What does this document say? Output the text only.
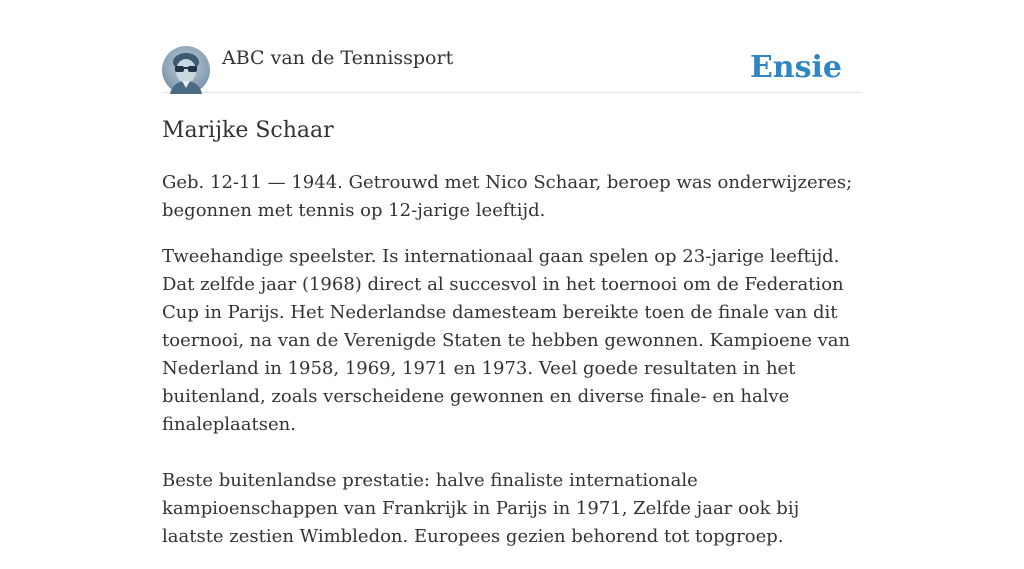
ABC van de Tennissport	Ensie
Marijke Schaar

Geb. 12-11 — 1944. Getrouwd met Nico Schaar, beroep was onderwijzeres; begonnen met tennis op 12-jarige leeftijd.

Tweehandige speelster. Is internationaal gaan spelen op 23-jarige leeftijd. Dat zelfde jaar (1968) direct al succesvol in het toernooi om de Federation Cup in Parijs. Het Nederlandse damesteam bereikte toen de finale van dit toernooi, na van de Verenigde Staten te hebben gewonnen. Kampioene van Nederland in 1958, 1969, 1971 en 1973. Veel goede resultaten in het buitenland, zoals verscheidene gewonnen en diverse finale- en halve finaleplaatsen.

Beste buitenlandse prestatie: halve finaliste internationale kampioenschappen van Frankrijk in Parijs in 1971, Zelfde jaar ook bij laatste zestien Wimbledon. Europees gezien behorend tot topgroep.
